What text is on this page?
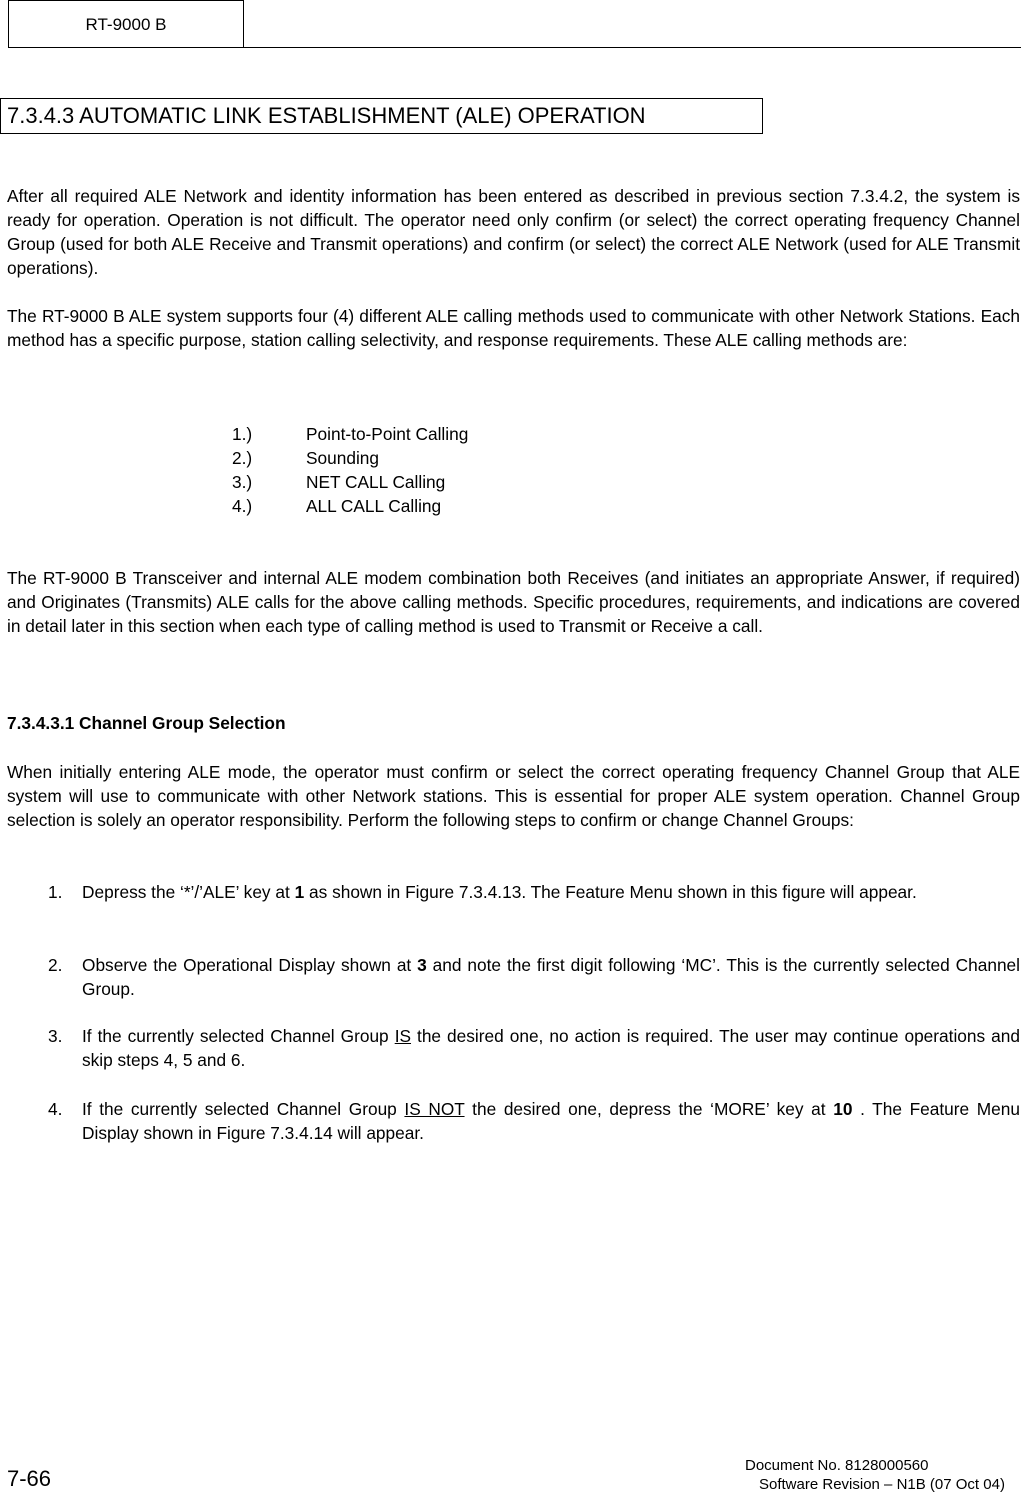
RT-9000 B
7.3.4.3 AUTOMATIC LINK ESTABLISHMENT (ALE) OPERATION

After all required ALE Network and identity information has been entered as described in previous section 7.3.4.2, the system is ready for operation. Operation is not difficult. The operator need only confirm (or select) the correct operating frequency Channel Group (used for both ALE Receive and Transmit operations) and confirm (or select) the correct ALE Network (used for ALE Transmit operations).

The RT-9000 B ALE system supports four (4) different ALE calling methods used to communicate with other Network Stations. Each method has a specific purpose, station calling selectivity, and response requirements. These ALE calling methods are:

1.)	Point-to-Point Calling
2.)	Sounding
3.)	NET CALL Calling
4.)	ALL CALL Calling

The RT-9000 B Transceiver and internal ALE modem combination both Receives (and initiates an appropriate Answer, if required) and Originates (Transmits) ALE calls for the above calling methods. Specific procedures, requirements, and indications are covered in detail later in this section when each type of calling method is used to Transmit or Receive a call.

7.3.4.3.1 Channel Group Selection

When initially entering ALE mode, the operator must confirm or select the correct operating frequency Channel Group that ALE system will use to communicate with other Network stations. This is essential for proper ALE system operation. Channel Group selection is solely an operator responsibility. Perform the following steps to confirm or change Channel Groups:

1.	Depress the ‘*’/’ALE’ key at 1 as shown in Figure 7.3.4.13. The Feature Menu shown in this figure will appear.
2.	Observe the Operational Display shown at 3 and note the first digit following ‘MC’. This is the currently selected Channel Group.
3.	If the currently selected Channel Group IS the desired one, no action is required. The user may continue operations and skip steps 4, 5 and 6.
4.	If the currently selected Channel Group IS NOT the desired one, depress the ‘MORE’ key at 10 . The Feature Menu Display shown in Figure 7.3.4.14 will appear.
7-66
Document No. 8128000560
Software Revision – N1B (07 Oct 04)
